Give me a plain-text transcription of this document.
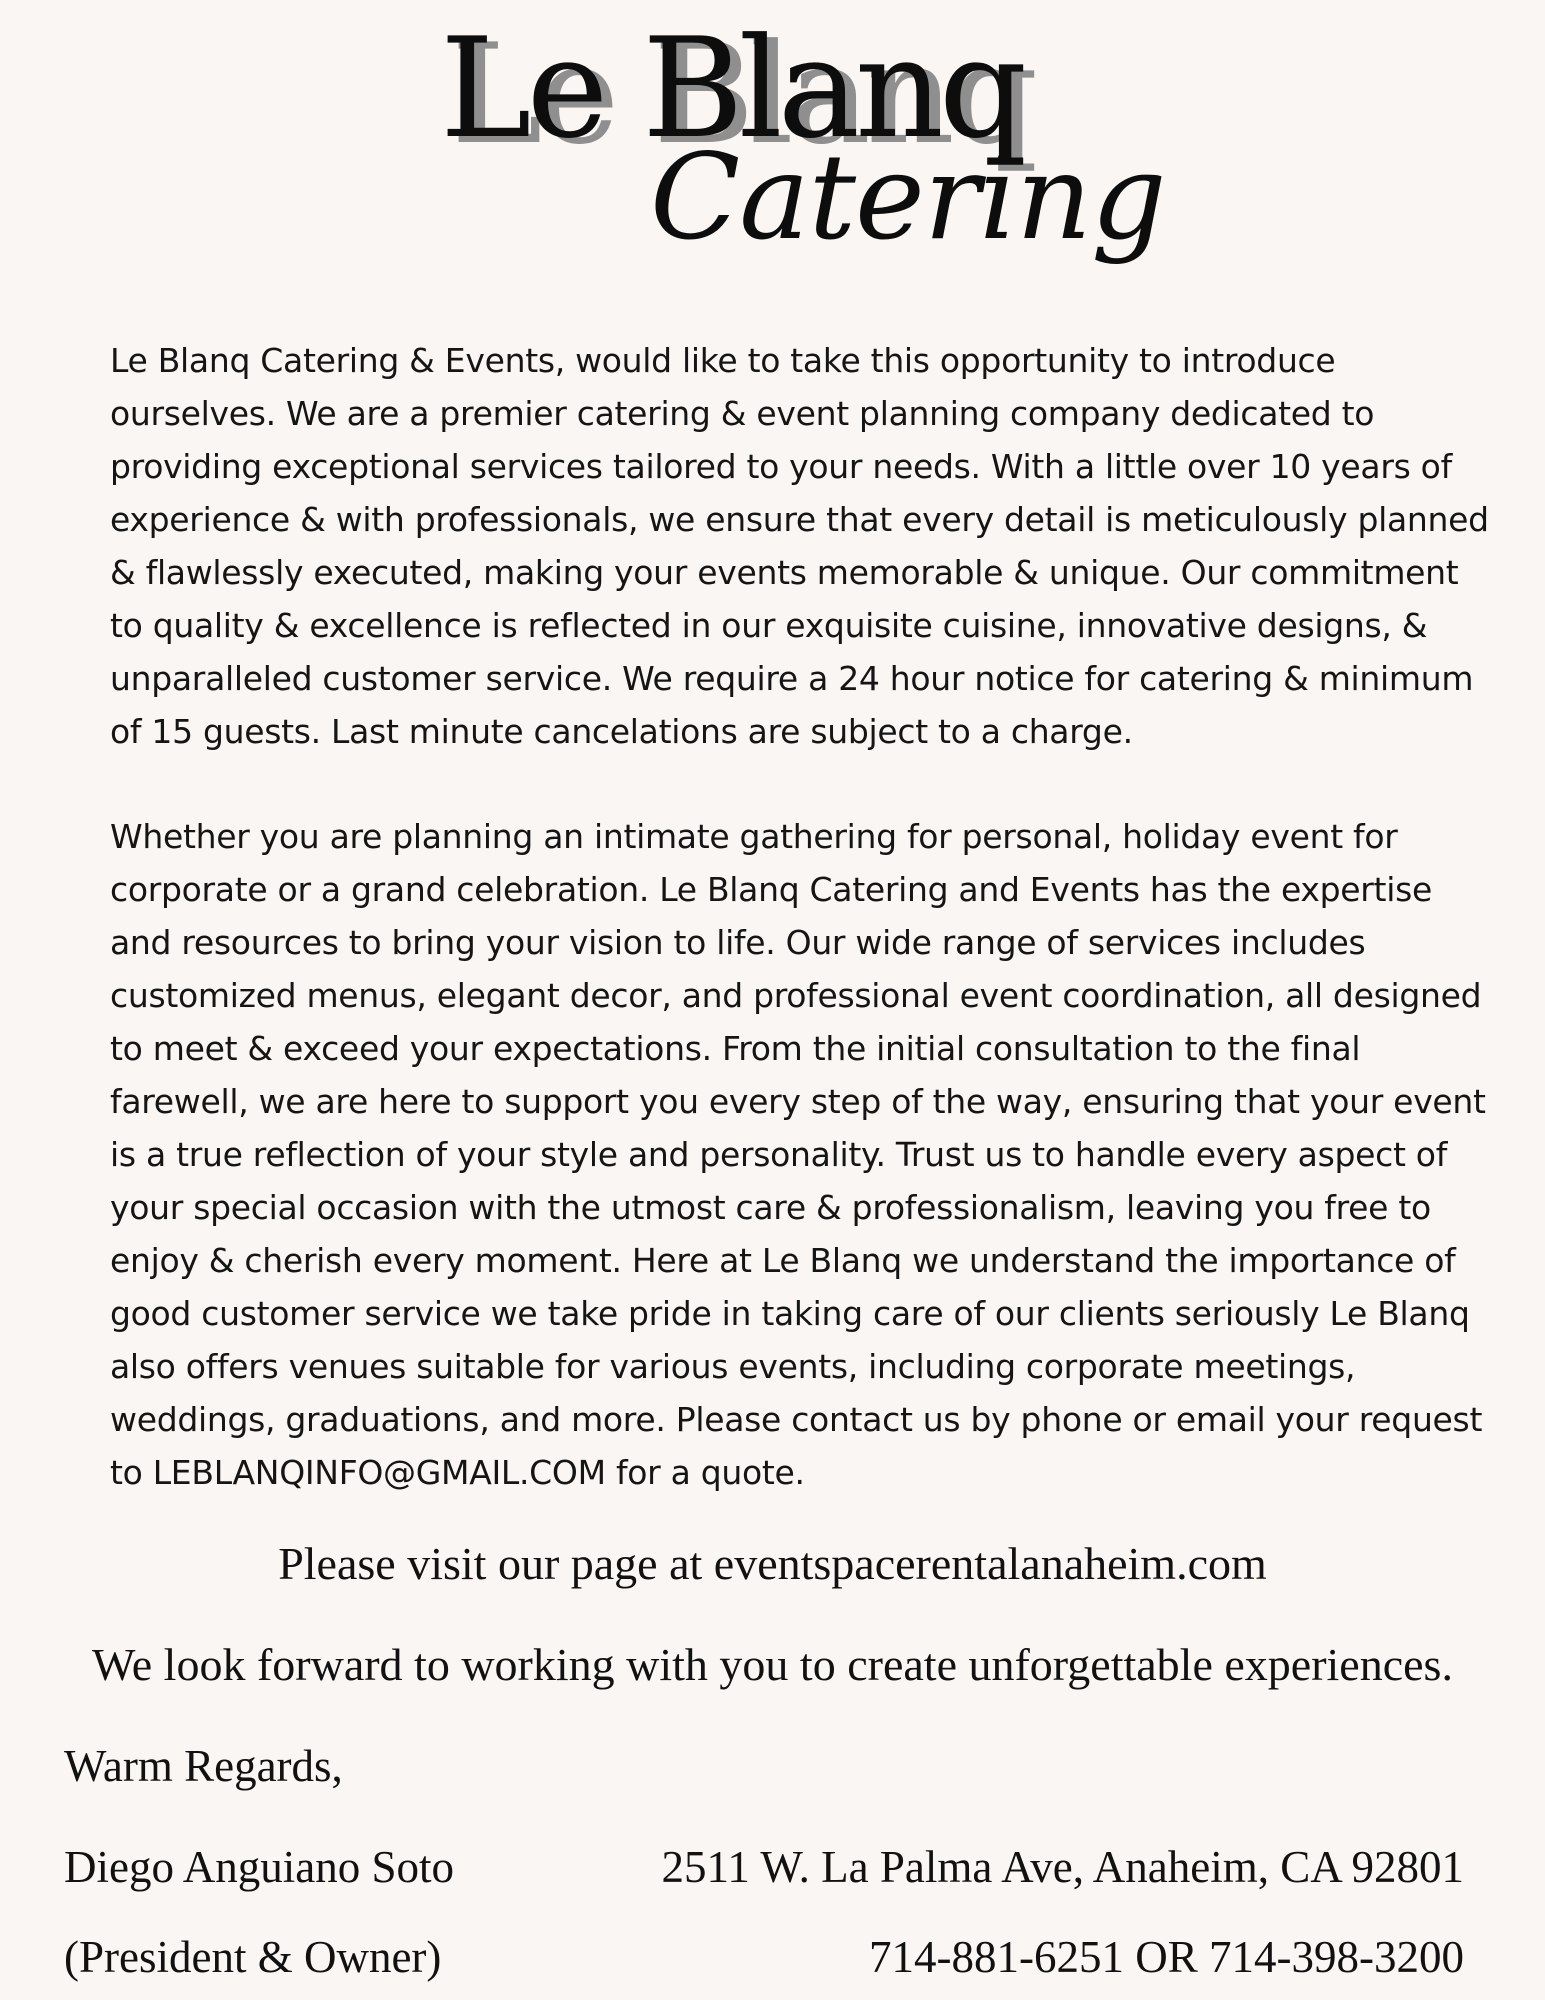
Le Blanq
Catering

Le Blanq Catering & Events, would like to take this opportunity to introduce ourselves. We are a premier catering & event planning company dedicated to providing exceptional services tailored to your needs. With a little over 10 years of experience & with professionals, we ensure that every detail is meticulously planned & flawlessly executed, making your events memorable & unique. Our commitment to quality & excellence is reflected in our exquisite cuisine, innovative designs, & unparalleled customer service. We require a 24 hour notice for catering & minimum of 15 guests. Last minute cancelations are subject to a charge.

Whether you are planning an intimate gathering for personal, holiday event for corporate or a grand celebration. Le Blanq Catering and Events has the expertise and resources to bring your vision to life. Our wide range of services includes customized menus, elegant decor, and professional event coordination, all designed to meet & exceed your expectations. From the initial consultation to the final farewell, we are here to support you every step of the way, ensuring that your event is a true reflection of your style and personality. Trust us to handle every aspect of your special occasion with the utmost care & professionalism, leaving you free to enjoy & cherish every moment. Here at Le Blanq we understand the importance of good customer service we take pride in taking care of our clients seriously Le Blanq also offers venues suitable for various events, including corporate meetings, weddings, graduations, and more. Please contact us by phone or email your request to LEBLANQINFO@GMAIL.COM for a quote.

Please visit our page at eventspacerentalanaheim.com
We look forward to working with you to create unforgettable experiences.
Warm Regards,
Diego Anguiano Soto
(President & Owner)
2511 W. La Palma Ave, Anaheim, CA 92801
714-881-6251 OR 714-398-3200
